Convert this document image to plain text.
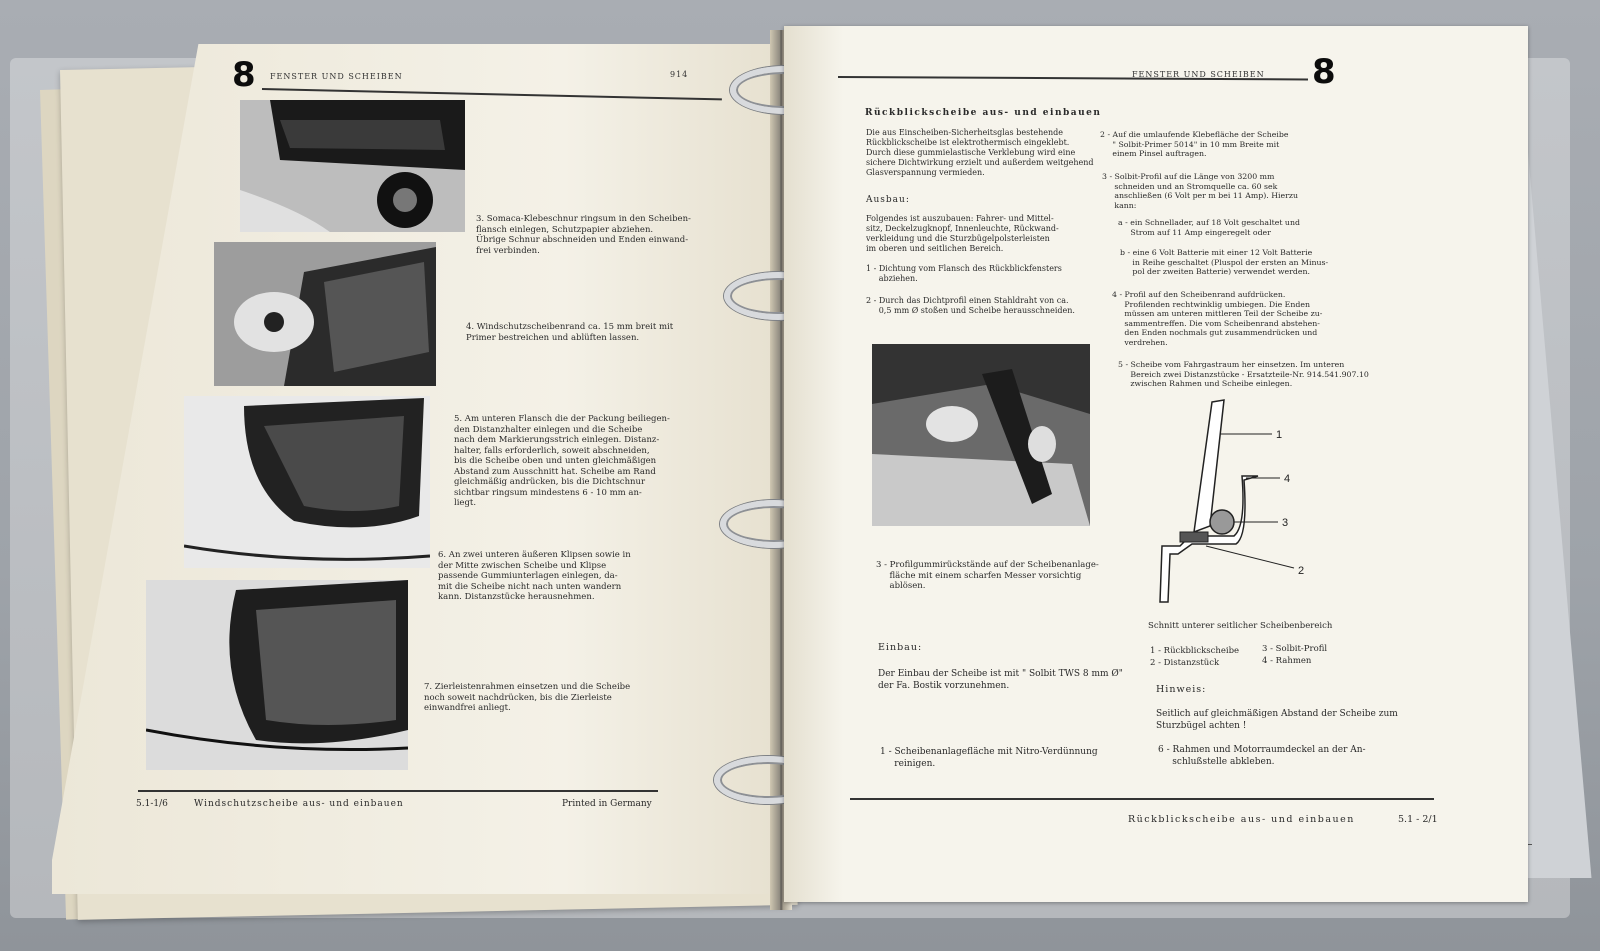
8 FENSTER UND SCHEIBEN	914
3. Somaca-Klebeschnur ringsum in den Scheiben-
flansch einlegen, Schutzpapier abziehen.
Übrige Schnur abschneiden und Enden einwand-
frei verbinden.
4. Windschutzscheibenrand ca. 15 mm breit mit
Primer bestreichen und ablüften lassen.
5. Am unteren Flansch die der Packung beiliegen-
den Distanzhalter einlegen und die Scheibe
nach dem Markierungsstrich einlegen. Distanz-
halter, falls erforderlich, soweit abschneiden,
bis die Scheibe oben und unten gleichmäßigen
Abstand zum Ausschnitt hat. Scheibe am Rand
gleichmäßig andrücken, bis die Dichtschnur
sichtbar ringsum mindestens 6 - 10 mm an-
liegt.
6. An zwei unteren äußeren Klipsen sowie in
der Mitte zwischen Scheibe und Klipse
passende Gummiunterlagen einlegen, da-
mit die Scheibe nicht nach unten wandern
kann. Distanzstücke herausnehmen.
7. Zierleistenrahmen einsetzen und die Scheibe
noch soweit nachdrücken, bis die Zierleiste
einwandfrei anliegt.
5.1-1/6	Windschutzscheibe aus- und einbauen	Printed in Germany
FENSTER UND SCHEIBEN 8
Rückblickscheibe aus- und einbauen
Die aus Einscheiben-Sicherheitsglas bestehende
Rückblickscheibe ist elektrothermisch eingeklebt.
Durch diese gummielastische Verklebung wird eine
sichere Dichtwirkung erzielt und außerdem weitgehend
Glasverspannung vermieden.
Ausbau:
Folgendes ist auszubauen: Fahrer- und Mittel-
sitz, Deckelzugknopf, Innenleuchte, Rückwand-
verkleidung und die Sturzbügelpolsterleisten
im oberen und seitlichen Bereich.
1 - Dichtung vom Flansch des Rückblickfensters
abziehen.
2 - Durch das Dichtprofil einen Stahldraht von ca.
0,5 mm Ø stoßen und Scheibe herausschneiden.
3 - Profilgummirückstände auf der Scheibenanlage-
fläche mit einem scharfen Messer vorsichtig
ablösen.
Einbau:
Der Einbau der Scheibe ist mit " Solbit TWS 8 mm Ø"
der Fa. Bostik vorzunehmen.
1 - Scheibenanlagefläche mit Nitro-Verdünnung
reinigen.
2 - Auf die umlaufende Klebefläche der Scheibe
" Solbit-Primer 5014" in 10 mm Breite mit
einem Pinsel auftragen.
3 - Solbit-Profil auf die Länge von 3200 mm
schneiden und an Stromquelle ca. 60 sek
anschließen (6 Volt per m bei 11 Amp). Hierzu
kann:
a - ein Schnellader, auf 18 Volt geschaltet und
Strom auf 11 Amp eingeregelt oder
b - eine 6 Volt Batterie mit einer 12 Volt Batterie
in Reihe geschaltet (Pluspol der ersten an Minus-
pol der zweiten Batterie) verwendet werden.
4 - Profil auf den Scheibenrand aufdrücken.
Profilenden rechtwinklig umbiegen. Die Enden
müssen am unteren mittleren Teil der Scheibe zu-
sammentreffen. Die vom Scheibenrand abstehen-
den Enden nochmals gut zusammendrücken und
verdrehen.
5 - Scheibe vom Fahrgastraum her einsetzen. Im unteren
Bereich zwei Distanzstücke - Ersatzteile-Nr. 914.541.907.10
zwischen Rahmen und Scheibe einlegen.
1
4
3
2
Schnitt unterer seitlicher Scheibenbereich
1 - Rückblickscheibe	3 - Solbit-Profil
2 - Distanzstück	4 - Rahmen
Hinweis:
Seitlich auf gleichmäßigen Abstand der Scheibe zum
Sturzbügel achten !
6 - Rahmen und Motorraumdeckel an der An-
schlußstelle abkleben.
Rückblickscheibe aus- und einbauen	5.1 - 2/1
